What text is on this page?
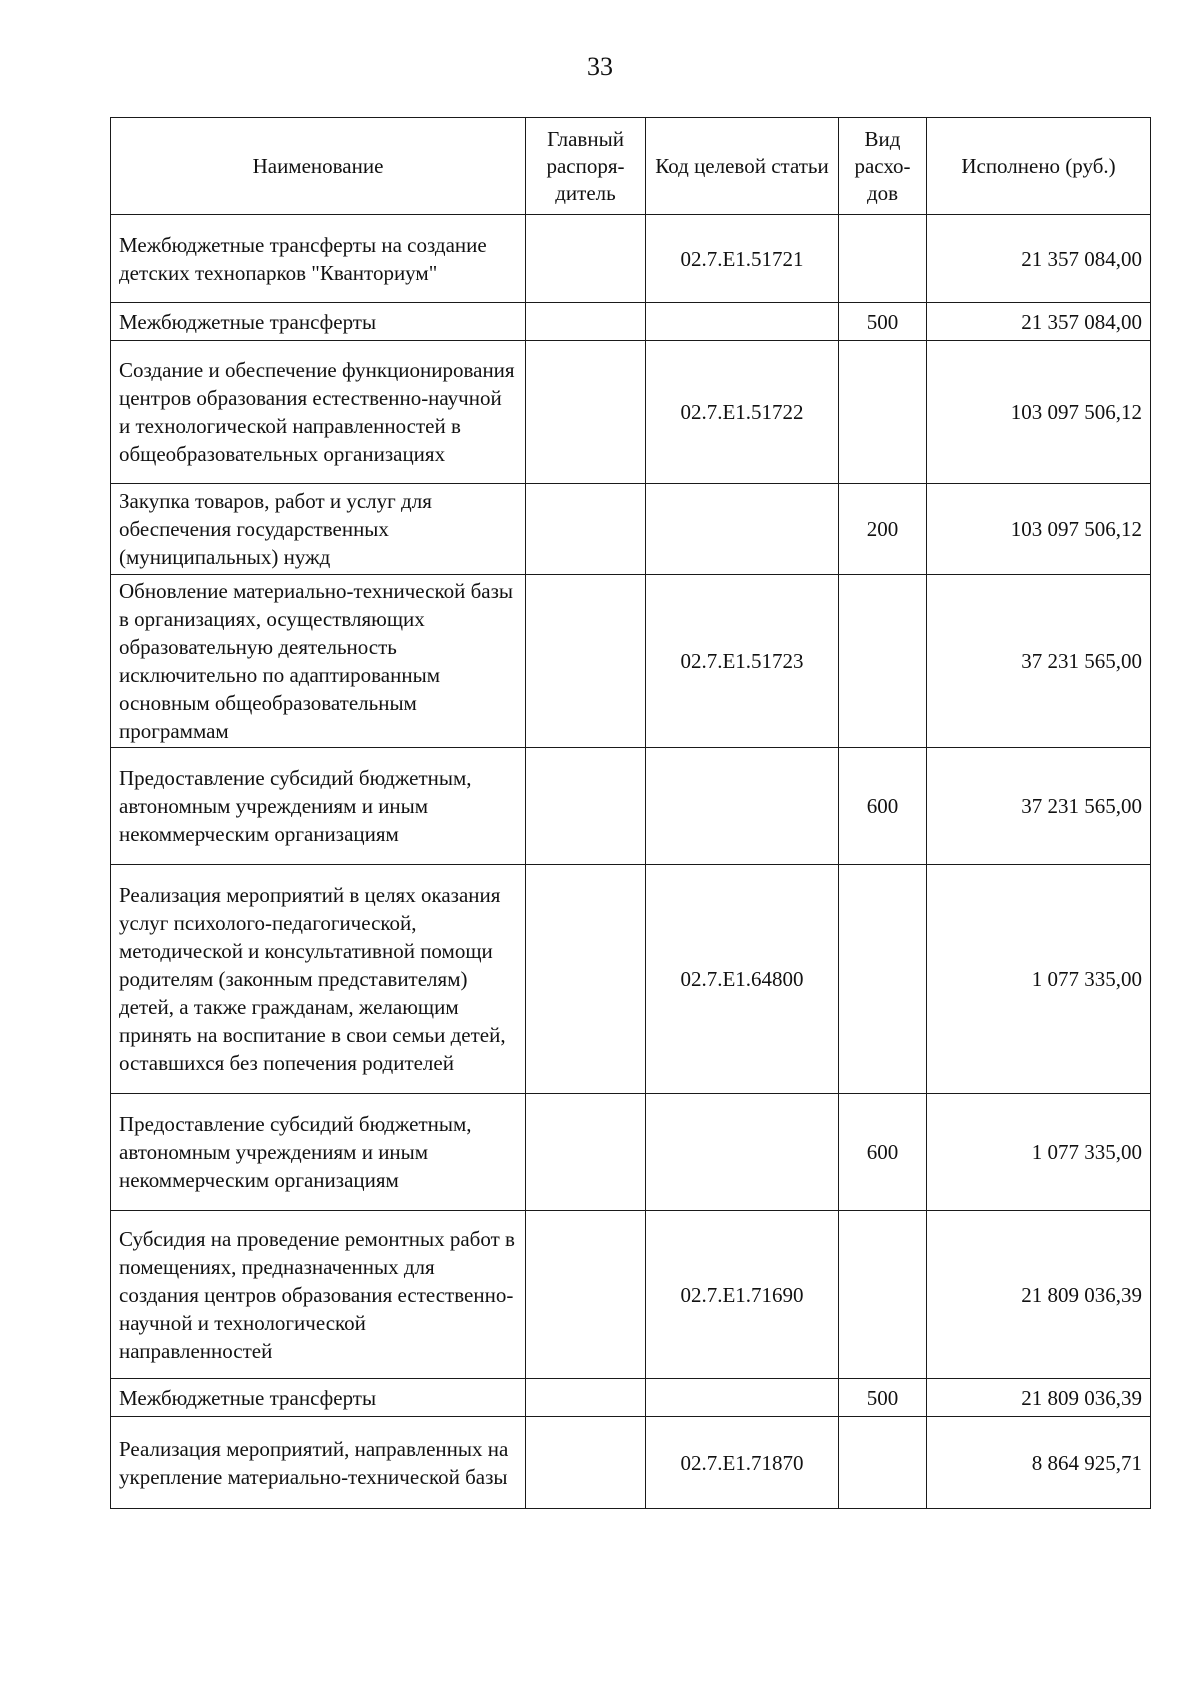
33
Наименование	Главный распоря-дитель	Код целевой статьи	Вид расхо-дов	Исполнено (руб.)
Межбюджетные трансферты на создание детских технопарков "Кванториум"		02.7.E1.51721		21 357 084,00
Межбюджетные трансферты			500	21 357 084,00
Создание и обеспечение функционирования центров образования естественно-научной и технологической направленностей в общеобразовательных организациях		02.7.E1.51722		103 097 506,12
Закупка товаров, работ и услуг для обеспечения государственных (муниципальных) нужд			200	103 097 506,12
Обновление материально-технической базы в организациях, осуществляющих образовательную деятельность исключительно по адаптированным основным общеобразовательным программам		02.7.E1.51723		37 231 565,00
Предоставление субсидий бюджетным, автономным учреждениям и иным некоммерческим организациям			600	37 231 565,00
Реализация мероприятий в целях оказания услуг психолого-педагогической, методической и консультативной помощи родителям (законным представителям) детей, а также гражданам, желающим принять на воспитание в свои семьи детей, оставшихся без попечения родителей		02.7.E1.64800		1 077 335,00
Предоставление субсидий бюджетным, автономным учреждениям и иным некоммерческим организациям			600	1 077 335,00
Субсидия на проведение ремонтных работ в помещениях, предназначенных для создания центров образования естественно-научной и технологической направленностей		02.7.E1.71690		21 809 036,39
Межбюджетные трансферты			500	21 809 036,39
Реализация мероприятий, направленных на укрепление материально-технической базы		02.7.E1.71870		8 864 925,71
